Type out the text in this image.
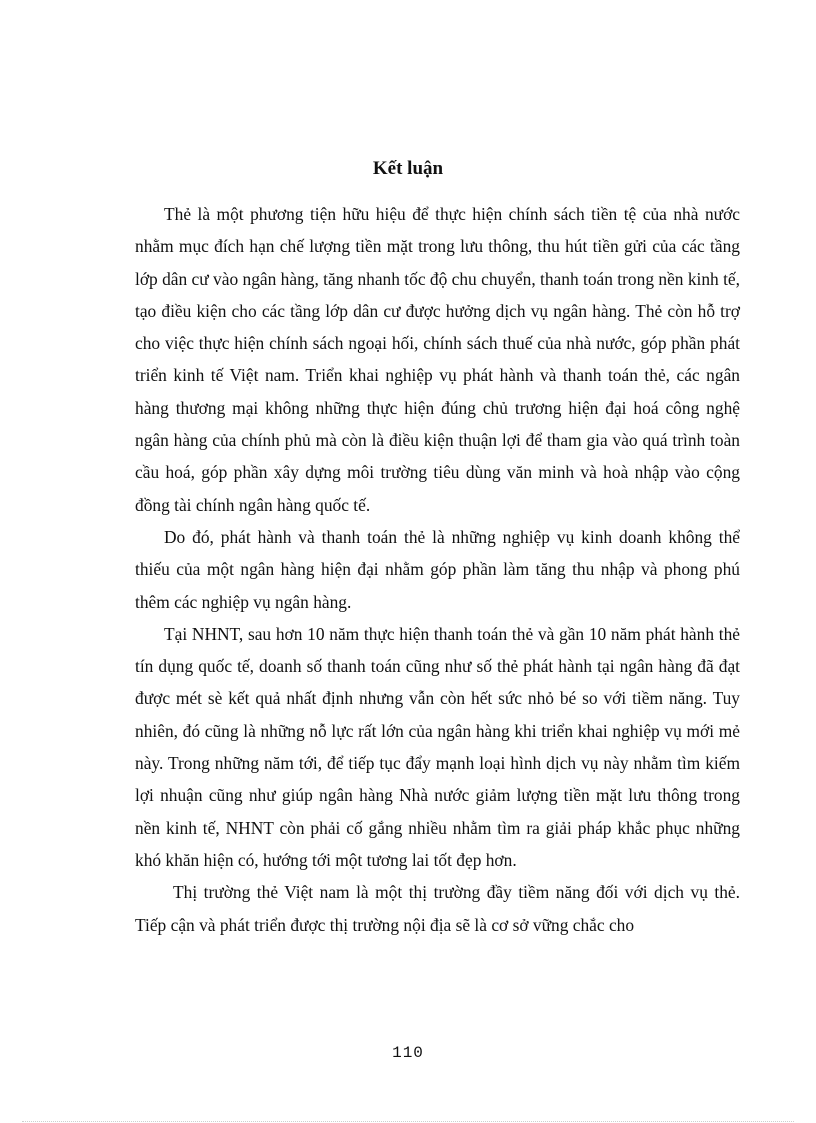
Kết luận

Thẻ là một phương tiện hữu hiệu để thực hiện chính sách tiền tệ của nhà nước nhằm mục đích hạn chế lượng tiền mặt trong lưu thông, thu hút tiền gửi của các tầng lớp dân cư vào ngân hàng, tăng nhanh tốc độ chu chuyển, thanh toán trong nền kinh tế, tạo điều kiện cho các tầng lớp dân cư được hưởng dịch vụ ngân hàng. Thẻ còn hỗ trợ cho việc thực hiện chính sách ngoại hối, chính sách thuế của nhà nước, góp phần phát triển kinh tế Việt nam. Triển khai nghiệp vụ phát hành và thanh toán thẻ, các ngân hàng thương mại không những thực hiện đúng chủ trương hiện đại hoá công nghệ ngân hàng của chính phủ mà còn là điều kiện thuận lợi để tham gia vào quá trình toàn cầu hoá, góp phần xây dựng môi trường tiêu dùng văn minh và hoà nhập vào cộng đồng tài chính ngân hàng quốc tế.

Do đó, phát hành và thanh toán thẻ là những nghiệp vụ kinh doanh không thể thiếu của một ngân hàng hiện đại nhằm góp phần làm tăng thu nhập và phong phú thêm các nghiệp vụ ngân hàng.

Tại NHNT, sau hơn 10 năm thực hiện thanh toán thẻ và gần 10 năm phát hành thẻ tín dụng quốc tế, doanh số thanh toán cũng như số thẻ phát hành tại ngân hàng đã đạt được mét sè kết quả nhất định nhưng vẫn còn hết sức nhỏ bé so với tiềm năng. Tuy nhiên, đó cũng là những nỗ lực rất lớn của ngân hàng khi triển khai nghiệp vụ mới mẻ này. Trong những năm tới, để tiếp tục đẩy mạnh loại hình dịch vụ này nhằm tìm kiếm lợi nhuận cũng như giúp ngân hàng Nhà nước giảm lượng tiền mặt lưu thông trong nền kinh tế, NHNT còn phải cố gắng nhiều nhằm tìm ra giải pháp khắc phục những khó khăn hiện có, hướng tới một tương lai tốt đẹp hơn.

Thị trường thẻ Việt nam là một thị trường đầy tiềm năng đối với dịch vụ thẻ. Tiếp cận và phát triển được thị trường nội địa sẽ là cơ sở vững chắc cho

110
